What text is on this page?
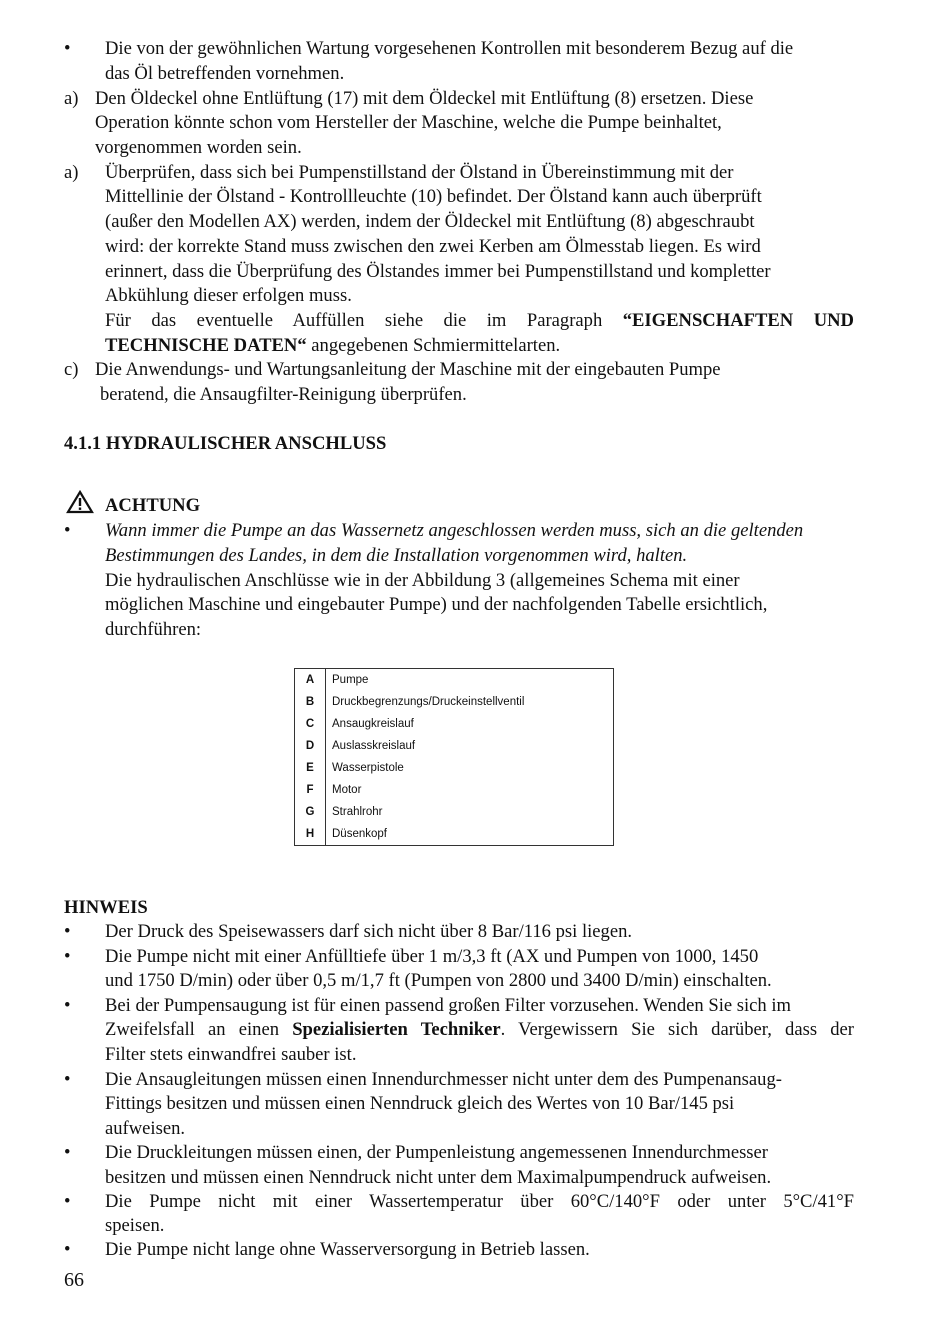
• Die von der gewöhnlichen Wartung vorgesehenen Kontrollen mit besonderem Bezug auf die
das Öl betreffenden vornehmen.
a) Den Öldeckel ohne Entlüftung (17) mit dem Öldeckel mit Entlüftung (8) ersetzen. Diese
Operation könnte schon vom Hersteller der Maschine, welche die Pumpe beinhaltet,
vorgenommen worden sein.
a) Überprüfen, dass sich bei Pumpenstillstand der Ölstand in Übereinstimmung mit der
Mittellinie der Ölstand - Kontrollleuchte (10) befindet. Der Ölstand kann auch überprüft
(außer den Modellen AX) werden, indem der Öldeckel mit Entlüftung (8) abgeschraubt
wird: der korrekte Stand muss zwischen den zwei Kerben am Ölmesstab liegen. Es wird
erinnert, dass die Überprüfung des Ölstandes immer bei Pumpenstillstand und kompletter
Abkühlung dieser erfolgen muss.
Für das eventuelle Auffüllen siehe die im Paragraph “EIGENSCHAFTEN UND
TECHNISCHE DATEN“ angegebenen Schmiermittelarten.
c) Die Anwendungs- und Wartungsanleitung der Maschine mit der eingebauten Pumpe
beratend, die Ansaugfilter-Reinigung überprüfen.
4.1.1 HYDRAULISCHER ANSCHLUSS
ACHTUNG
• Wann immer die Pumpe an das Wassernetz angeschlossen werden muss, sich an die geltenden
Bestimmungen des Landes, in dem die Installation vorgenommen wird, halten.
Die hydraulischen Anschlüsse wie in der Abbildung 3 (allgemeines Schema mit einer
möglichen Maschine und eingebauter Pumpe) und der nachfolgenden Tabelle ersichtlich,
durchführen:
A	Pumpe
B	Druckbegrenzungs/Druckeinstellventil
C	Ansaugkreislauf
D	Auslasskreislauf
E	Wasserpistole
F	Motor
G	Strahlrohr
H	Düsenkopf
HINWEIS
• Der Druck des Speisewassers darf sich nicht über 8 Bar/116 psi liegen.
• Die Pumpe nicht mit einer Anfülltiefe über 1 m/3,3 ft (AX und Pumpen von 1000, 1450
und 1750 D/min) oder über 0,5 m/1,7 ft (Pumpen von 2800 und 3400 D/min) einschalten.
• Bei der Pumpensaugung ist für einen passend großen Filter vorzusehen. Wenden Sie sich im
Zweifelsfall an einen Spezialisierten Techniker. Vergewissern Sie sich darüber, dass der
Filter stets einwandfrei sauber ist.
• Die Ansaugleitungen müssen einen Innendurchmesser nicht unter dem des Pumpenansaug-
Fittings besitzen und müssen einen Nenndruck gleich des Wertes von 10 Bar/145 psi
aufweisen.
• Die Druckleitungen müssen einen, der Pumpenleistung angemessenen Innendurchmesser
besitzen und müssen einen Nenndruck nicht unter dem Maximalpumpendruck aufweisen.
• Die Pumpe nicht mit einer Wassertemperatur über 60°C/140°F oder unter 5°C/41°F
speisen.
• Die Pumpe nicht lange ohne Wasserversorgung in Betrieb lassen.
66
